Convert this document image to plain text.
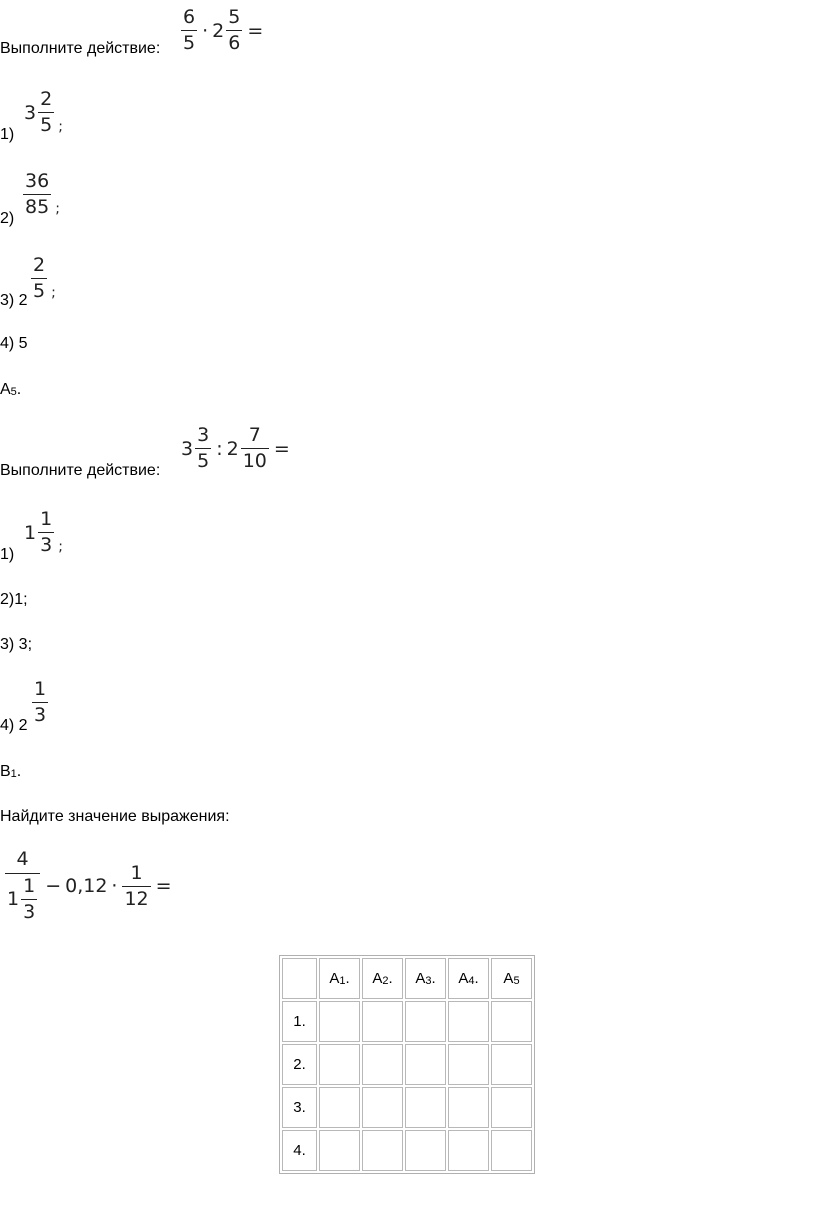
Выполните действие: $\frac{6}{5} \cdot 2 \frac{5}{6}$ =
1)
$3 \frac{2}{5}$ ;
2)
$\frac{36}{85}$ ;
3) $2 \frac{2}{5}$ ;
4) 5
А5.
Выполните действие:
$3 \frac{3}{5}$ : $2 \frac{7}{10}$ =
1)
$1 \frac{1}{3}$ ;
2)1;
3) 3;
4) 2
$\frac{1}{3}$
В1.
Найдите значение выражения:
$\frac{4}{1 \frac{1}{3}} - 0,12 \cdot \frac{1}{12}$ =
	А1.	А2.	А3.	А4.	А5
1.					
2.					
3.					
4.					
